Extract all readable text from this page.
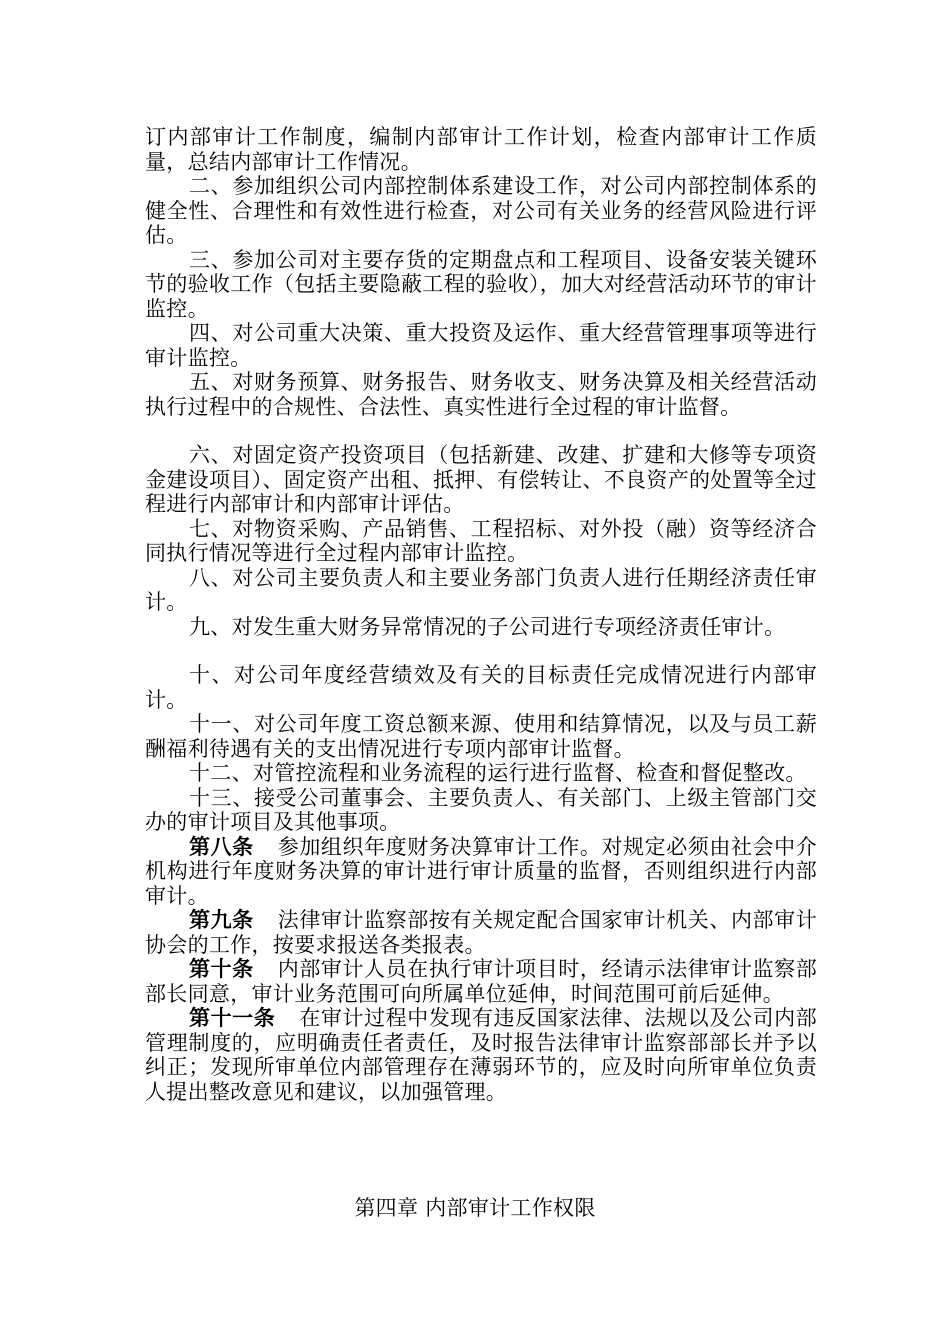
订内部审计工作制度，编制内部审计工作计划，检查内部审计工作质量，总结内部审计工作情况。

二、参加组织公司内部控制体系建设工作，对公司内部控制体系的健全性、合理性和有效性进行检查，对公司有关业务的经营风险进行评估。

三、参加公司对主要存货的定期盘点和工程项目、设备安装关键环节的验收工作（包括主要隐蔽工程的验收），加大对经营活动环节的审计监控。

四、对公司重大决策、重大投资及运作、重大经营管理事项等进行审计监控。

五、对财务预算、财务报告、财务收支、财务决算及相关经营活动执行过程中的合规性、合法性、真实性进行全过程的审计监督。

六、对固定资产投资项目（包括新建、改建、扩建和大修等专项资金建设项目）、固定资产出租、抵押、有偿转让、不良资产的处置等全过程进行内部审计和内部审计评估。

七、对物资采购、产品销售、工程招标、对外投（融）资等经济合同执行情况等进行全过程内部审计监控。

八、对公司主要负责人和主要业务部门负责人进行任期经济责任审计。

九、对发生重大财务异常情况的子公司进行专项经济责任审计。

十、对公司年度经营绩效及有关的目标责任完成情况进行内部审计。

十一、对公司年度工资总额来源、使用和结算情况，以及与员工薪酬福利待遇有关的支出情况进行专项内部审计监督。

十二、对管控流程和业务流程的运行进行监督、检查和督促整改。

十三、接受公司董事会、主要负责人、有关部门、上级主管部门交办的审计项目及其他事项。

第八条 参加组织年度财务决算审计工作。对规定必须由社会中介机构进行年度财务决算的审计进行审计质量的监督，否则组织进行内部审计。

第九条 法律审计监察部按有关规定配合国家审计机关、内部审计协会的工作，按要求报送各类报表。

第十条 内部审计人员在执行审计项目时，经请示法律审计监察部部长同意，审计业务范围可向所属单位延伸，时间范围可前后延伸。

第十一条 在审计过程中发现有违反国家法律、法规以及公司内部管理制度的，应明确责任者责任，及时报告法律审计监察部部长并予以纠正；发现所审单位内部管理存在薄弱环节的，应及时向所审单位负责人提出整改意见和建议，以加强管理。

第四章 内部审计工作权限
